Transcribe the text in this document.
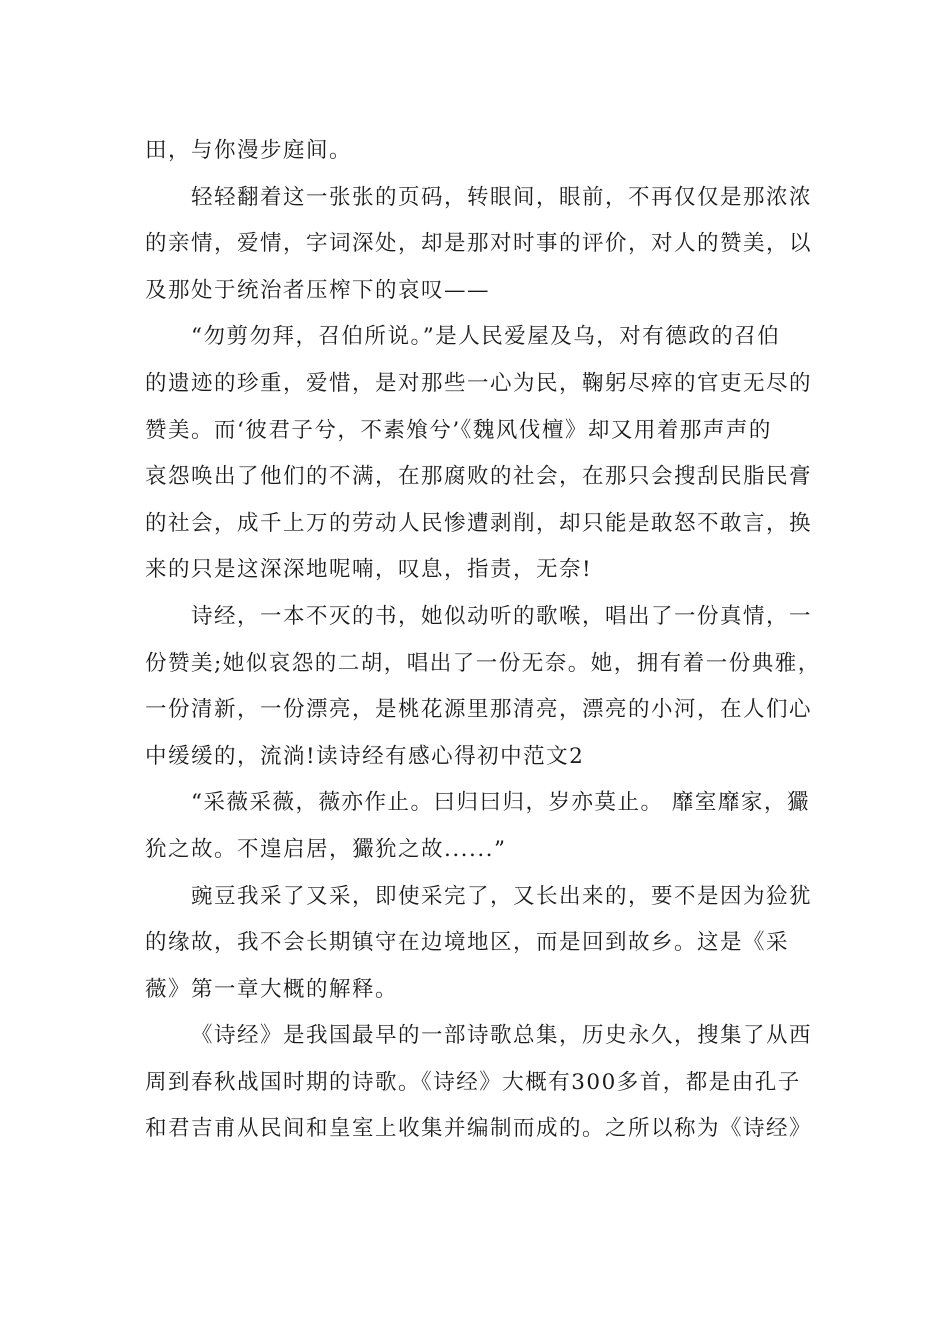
田，与你漫步庭间。
轻轻翻着这一张张的页码，转眼间，眼前，不再仅仅是那浓浓
的亲情，爱情，字词深处，却是那对时事的评价，对人的赞美，以
及那处于统治者压榨下的哀叹——
“勿剪勿拜，召伯所说。”是人民爱屋及乌，对有德政的召伯
的遗迹的珍重，爱惜，是对那些一心为民，鞠躬尽瘁的官吏无尽的
赞美。而‘彼君子兮，不素飧兮’《魏风伐檀》却又用着那声声的
哀怨唤出了他们的不满，在那腐败的社会，在那只会搜刮民脂民膏
的社会，成千上万的劳动人民惨遭剥削，却只能是敢怒不敢言，换
来的只是这深深地呢喃，叹息，指责，无奈!
诗经，一本不灭的书，她似动听的歌喉，唱出了一份真情，一
份赞美;她似哀怨的二胡，唱出了一份无奈。她，拥有着一份典雅，
一份清新，一份漂亮，是桃花源里那清亮，漂亮的小河，在人们心
中缓缓的，流淌!读诗经有感心得初中范文2
“采薇采薇，薇亦作止。曰归曰归，岁亦莫止。 靡室靡家，玁
狁之故。不遑启居，玁狁之故......”
豌豆我采了又采，即使采完了，又长出来的，要不是因为猃犹
的缘故，我不会长期镇守在边境地区，而是回到故乡。这是《采
薇》第一章大概的解释。
《诗经》是我国最早的一部诗歌总集，历史永久，搜集了从西
周到春秋战国时期的诗歌。《诗经》大概有300多首，都是由孔子
和君吉甫从民间和皇室上收集并编制而成的。之所以称为《诗经》
